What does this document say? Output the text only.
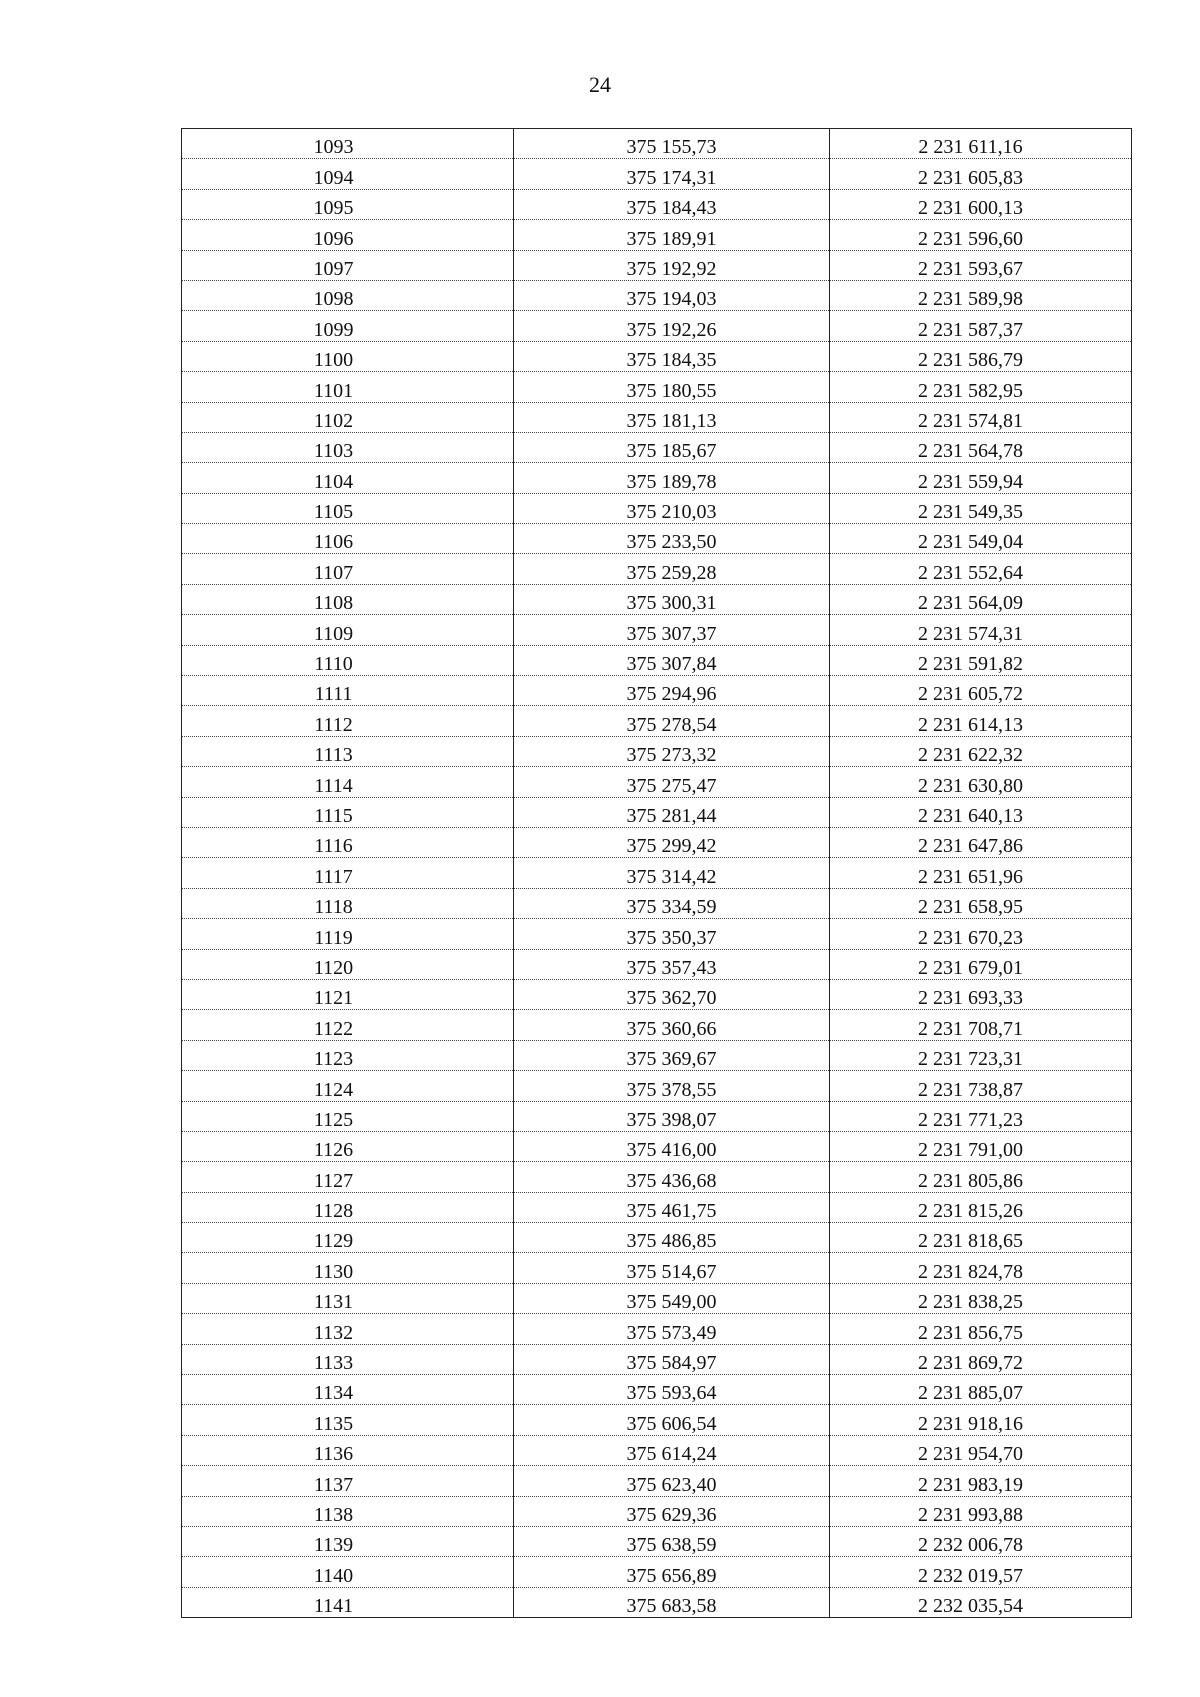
24
1093	375 155,73	2 231 611,16
1094	375 174,31	2 231 605,83
1095	375 184,43	2 231 600,13
1096	375 189,91	2 231 596,60
1097	375 192,92	2 231 593,67
1098	375 194,03	2 231 589,98
1099	375 192,26	2 231 587,37
1100	375 184,35	2 231 586,79
1101	375 180,55	2 231 582,95
1102	375 181,13	2 231 574,81
1103	375 185,67	2 231 564,78
1104	375 189,78	2 231 559,94
1105	375 210,03	2 231 549,35
1106	375 233,50	2 231 549,04
1107	375 259,28	2 231 552,64
1108	375 300,31	2 231 564,09
1109	375 307,37	2 231 574,31
1110	375 307,84	2 231 591,82
1111	375 294,96	2 231 605,72
1112	375 278,54	2 231 614,13
1113	375 273,32	2 231 622,32
1114	375 275,47	2 231 630,80
1115	375 281,44	2 231 640,13
1116	375 299,42	2 231 647,86
1117	375 314,42	2 231 651,96
1118	375 334,59	2 231 658,95
1119	375 350,37	2 231 670,23
1120	375 357,43	2 231 679,01
1121	375 362,70	2 231 693,33
1122	375 360,66	2 231 708,71
1123	375 369,67	2 231 723,31
1124	375 378,55	2 231 738,87
1125	375 398,07	2 231 771,23
1126	375 416,00	2 231 791,00
1127	375 436,68	2 231 805,86
1128	375 461,75	2 231 815,26
1129	375 486,85	2 231 818,65
1130	375 514,67	2 231 824,78
1131	375 549,00	2 231 838,25
1132	375 573,49	2 231 856,75
1133	375 584,97	2 231 869,72
1134	375 593,64	2 231 885,07
1135	375 606,54	2 231 918,16
1136	375 614,24	2 231 954,70
1137	375 623,40	2 231 983,19
1138	375 629,36	2 231 993,88
1139	375 638,59	2 232 006,78
1140	375 656,89	2 232 019,57
1141	375 683,58	2 232 035,54
